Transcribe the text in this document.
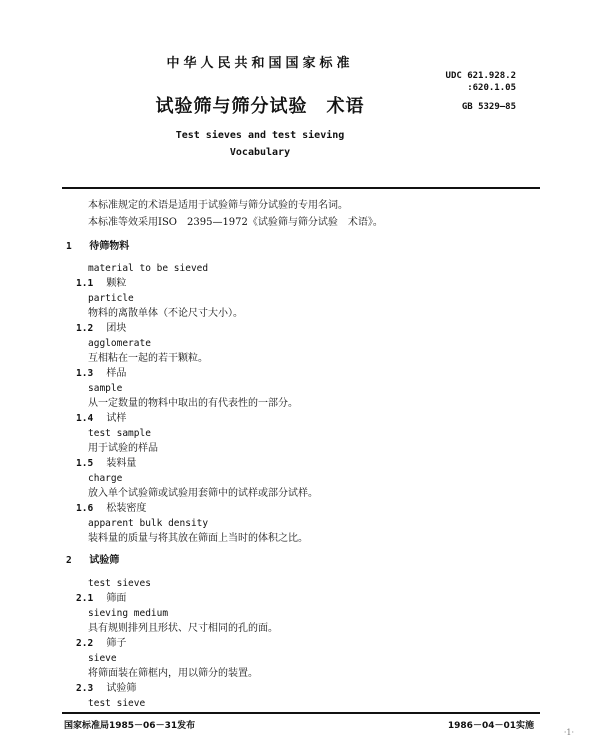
中华人民共和国国家标准
UDC 621.928.2
:620.1.05
GB 5329—85
试验筛与筛分试验　术语
Test sieves and test sieving
Vocabulary
本标准规定的术语是适用于试验筛与筛分试验的专用名词。
本标准等效采用ISO　2395—1972《试验筛与筛分试验　术语》。
1 待筛物料
material to be sieved
1.1 颗粒
particle
物料的离散单体（不论尺寸大小）。
1.2 团块
agglomerate
互相粘在一起的若干颗粒。
1.3 样品
sample
从一定数量的物料中取出的有代表性的一部分。
1.4 试样
test sample
用于试验的样品
1.5 装料量
charge
放入单个试验筛或试验用套筛中的试样或部分试样。
1.6 松装密度
apparent bulk density
装料量的质量与将其放在筛面上当时的体积之比。
2 试验筛
test sieves
2.1 筛面
sieving medium
具有规则排列且形状、尺寸相同的孔的面。
2.2 筛子
sieve
将筛面装在筛框内，用以筛分的装置。
2.3 试验筛
test sieve
国家标准局1985－06－31发布	1986－04－01实施
·1·
